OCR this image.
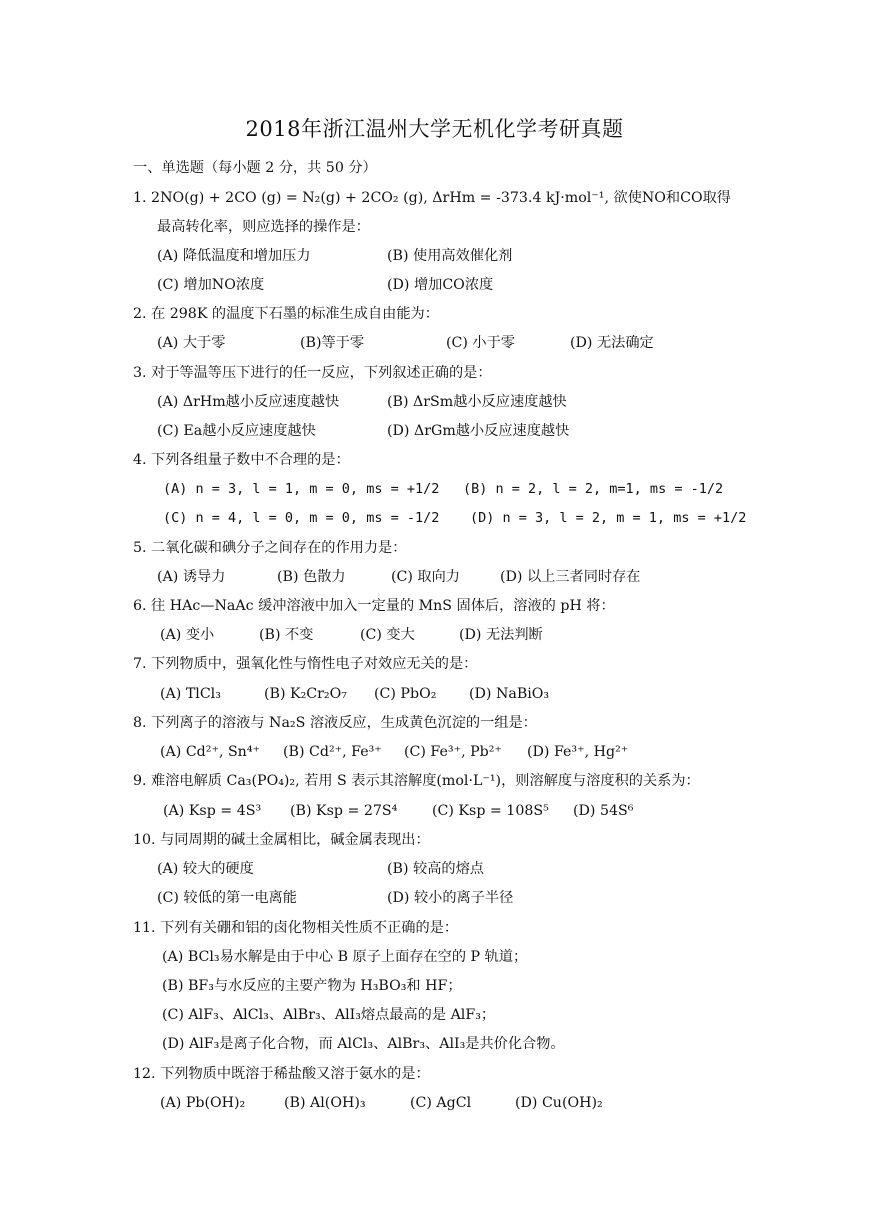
2018年浙江温州大学无机化学考研真题
一、单选题（每小题 2 分，共 50 分）
1. 2NO(g) + 2CO (g) = N₂(g) + 2CO₂ (g), ΔrHm = -373.4 kJ·mol⁻¹, 欲使NO和CO取得
最高转化率，则应选择的操作是：
(A) 降低温度和增加压力	(B) 使用高效催化剂
(C) 增加NO浓度	(D) 增加CO浓度
2. 在 298K 的温度下石墨的标准生成自由能为：
(A) 大于零	(B)等于零	(C) 小于零	(D) 无法确定
3. 对于等温等压下进行的任一反应，下列叙述正确的是：
(A) ΔrHm越小反应速度越快	(B) ΔrSm越小反应速度越快
(C) Ea越小反应速度越快	(D) ΔrGm越小反应速度越快
4. 下列各组量子数中不合理的是：
(A) n = 3, l = 1, m = 0, ms = +1/2 (B) n = 2, l = 2, m=1, ms = -1/2
(C) n = 4, l = 0, m = 0, ms = -1/2 (D) n = 3, l = 2, m = 1, ms = +1/2
5. 二氧化碳和碘分子之间存在的作用力是：
(A) 诱导力	(B) 色散力	(C) 取向力	(D) 以上三者同时存在
6. 往 HAc—NaAc 缓冲溶液中加入一定量的 MnS 固体后，溶液的 pH 将：
(A) 变小	(B) 不变	(C) 变大	(D) 无法判断
7. 下列物质中，强氧化性与惰性电子对效应无关的是：
(A) TlCl₃	(B) K₂Cr₂O₇ (C) PbO₂ (D) NaBiO₃
8. 下列离子的溶液与 Na₂S 溶液反应，生成黄色沉淀的一组是：
(A) Cd²⁺, Sn⁴⁺ (B) Cd²⁺, Fe³⁺ (C) Fe³⁺, Pb²⁺ (D) Fe³⁺, Hg²⁺
9. 难溶电解质 Ca₃(PO₄)₂, 若用 S 表示其溶解度(mol·L⁻¹)，则溶解度与溶度积的关系为：
(A) Ksp = 4S³ (B) Ksp = 27S⁴ (C) Ksp = 108S⁵ (D) 54S⁶
10. 与同周期的碱土金属相比，碱金属表现出：
(A) 较大的硬度	(B) 较高的熔点
(C) 较低的第一电离能	(D) 较小的离子半径
11. 下列有关硼和铝的卤化物相关性质不正确的是：
(A) BCl₃易水解是由于中心 B 原子上面存在空的 P 轨道；
(B) BF₃与水反应的主要产物为 H₃BO₃和 HF；
(C) AlF₃、AlCl₃、AlBr₃、AlI₃熔点最高的是 AlF₃；
(D) AlF₃是离子化合物，而 AlCl₃、AlBr₃、AlI₃是共价化合物。
12. 下列物质中既溶于稀盐酸又溶于氨水的是：
(A) Pb(OH)₂	(B) Al(OH)₃	(C) AgCl	(D) Cu(OH)₂
